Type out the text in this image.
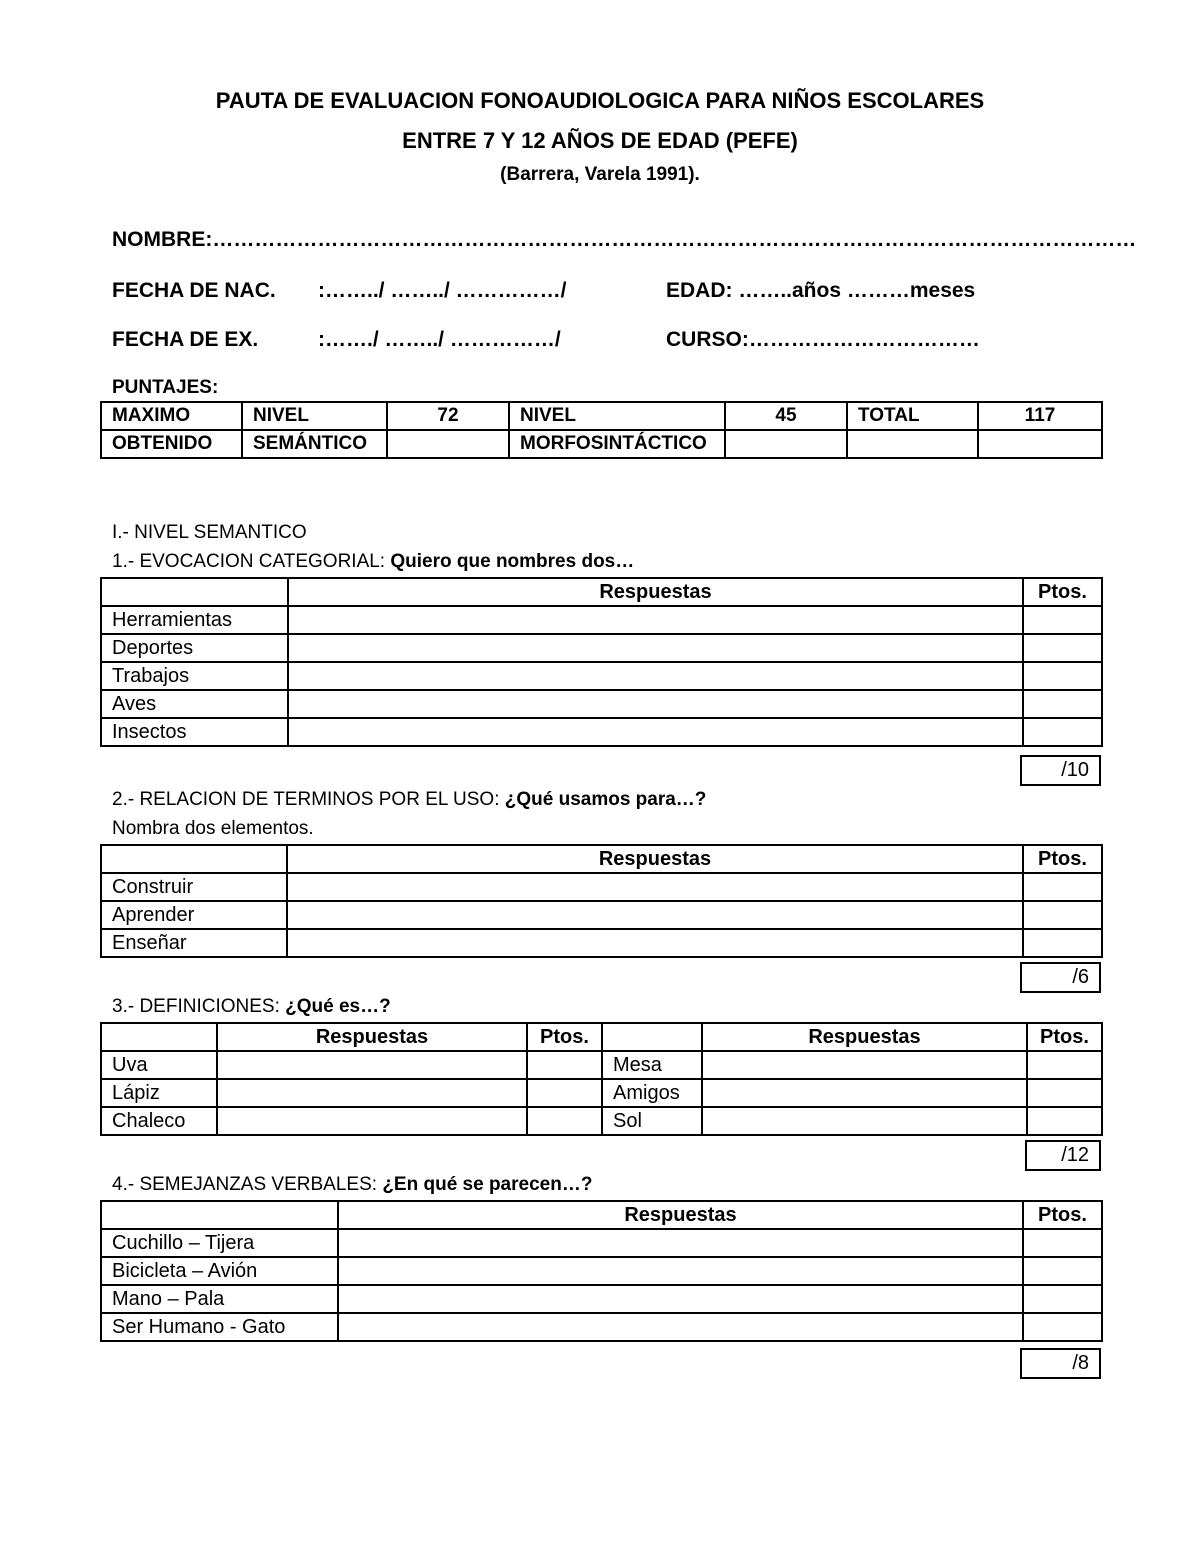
PAUTA DE EVALUACION FONOAUDIOLOGICA PARA NIÑOS ESCOLARES
ENTRE 7 Y 12 AÑOS DE EDAD (PEFE)
(Barrera, Varela 1991).
NOMBRE:……………………………………………………………………………………………………………………
FECHA DE NAC. :……../ ……../ ……………/	EDAD: ……..años ………meses
FECHA DE EX.	:……./ ……../ ……………/	CURSO:……………………………
PUNTAJES:
MAXIMO	NIVEL	72	NIVEL	45	TOTAL	117
OBTENIDO	SEMÁNTICO		MORFOSINTÁCTICO			
I.- NIVEL SEMANTICO
1.- EVOCACION CATEGORIAL: Quiero que nombres dos…
	Respuestas	Ptos.
Herramientas		
Deportes		
Trabajos		
Aves		
Insectos		
/10
2.- RELACION DE TERMINOS POR EL USO: ¿Qué usamos para…?
Nombra dos elementos.
	Respuestas	Ptos.
Construir		
Aprender		
Enseñar		
/6
3.- DEFINICIONES: ¿Qué es…?
	Respuestas	Ptos.		Respuestas	Ptos.
Uva			Mesa		
Lápiz			Amigos		
Chaleco			Sol		
/12
4.- SEMEJANZAS VERBALES: ¿En qué se parecen…?
	Respuestas	Ptos.
Cuchillo – Tijera		
Bicicleta – Avión		
Mano – Pala		
Ser Humano - Gato		
/8
